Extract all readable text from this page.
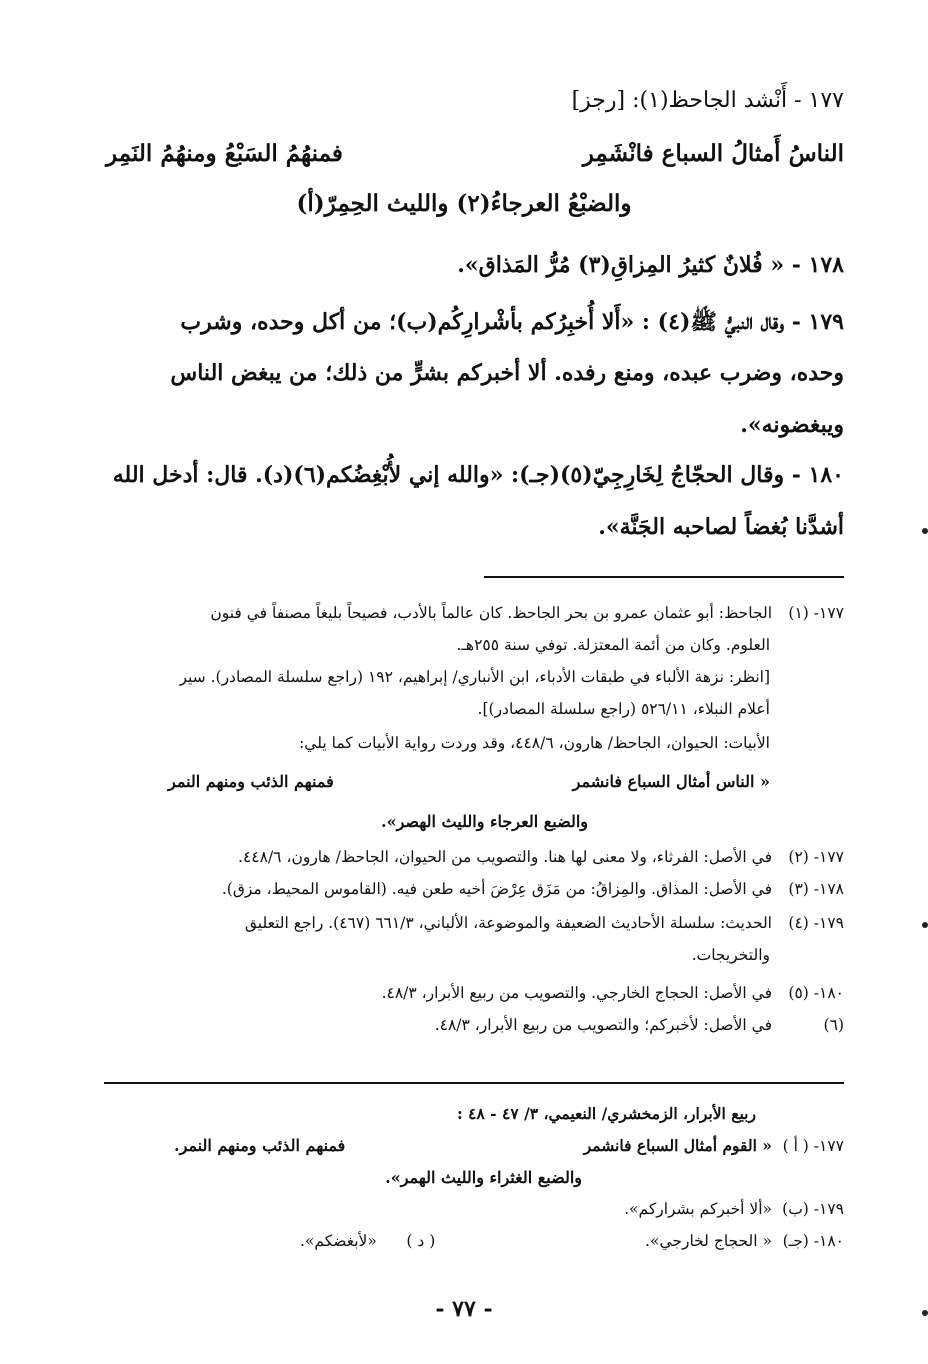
١٧٧ - أَنْشد الجاحظ(١): [رجز]
الناسُ أَمثالُ السباع فانْشَمِر
فمنهُمُ السَبْعُ ومنهُمُ النَمِر
والضبْعُ العرجاءُ(٢) والليث الحِمِرّ(أ)
١٧٨ - « فُلانٌ كثيرُ المِزاقِ(٣) مُرُّ المَذاق».
١٧٩ - وقال النبيُّ ﷺ(٤) : «أَلا أُخبِرُكم بأشْرارِكُم(ب)؛ من أكل وحده، وشرب
وحده، وضرب عبده، ومنع رفده. ألا أخبركم بشرٍّ من ذلك؛ من يبغض الناس
ويبغضونه».
١٨٠ - وقال الحجّاجُ لِخَارِجِيّ(٥)(جـ): «والله إني لأُبْغِضُكم(٦)(د). قال: أدخل الله
أشدَّنا بُغضاً لصاحبه الجَنَّة».
١٧٧- (١)الجاحظ: أبو عثمان عمرو بن بحر الجاحظ. كان عالماً بالأدب، فصيحاً بليغاً مصنفاً في فنون
العلوم. وكان من أئمة المعتزلة. توفي سنة ٢٥٥هـ.
[انظر: نزهة الألباء في طبقات الأدباء، ابن الأنباري/ إبراهيم، ١٩٢ (راجع سلسلة المصادر). سير
أعلام النبلاء، ٥٢٦/١١ (راجع سلسلة المصادر)].
الأبيات: الحيوان، الجاحظ/ هارون، ٤٤٨/٦، وقد وردت رواية الأبيات كما يلي:
« الناس أمثال السباع فانشمر
فمنهم الذئب ومنهم النمر
والضبع العرجاء والليث الهصر».
١٧٧- (٢)في الأصل: الفرثاء، ولا معنى لها هنا. والتصويب من الحيوان، الجاحظ/ هارون، ٤٤٨/٦.
١٧٨- (٣)في الأصل: المذاق. والمِزاقُ: من مَزَق عِرْضَ أخيه طعن فيه. (القاموس المحيط، مزق).
١٧٩- (٤)الحديث: سلسلة الأحاديث الضعيفة والموضوعة، الألباني، ٦٦١/٣ (٤٦٧). راجع التعليق
والتخريجات.
١٨٠- (٥)في الأصل: الحجاج الخارجي. والتصويب من ربيع الأبرار، ٤٨/٣.
(٦)في الأصل: لأخبركم؛ والتصويب من ربيع الأبرار، ٤٨/٣.
ربيع الأبرار، الزمخشري/ النعيمي، ٣/ ٤٧ - ٤٨ :
١٧٧- ( أ )« القوم أمثال السباع فانشمر
فمنهم الذئب ومنهم النمر.
والضبع الغثراء والليث الهمر».
١٧٩- (ب)«ألا أخبركم بشراركم».
١٨٠- (جـ)« الحجاج لخارجي».
( د )      «لأبغضكم».
- ٧٧ -
